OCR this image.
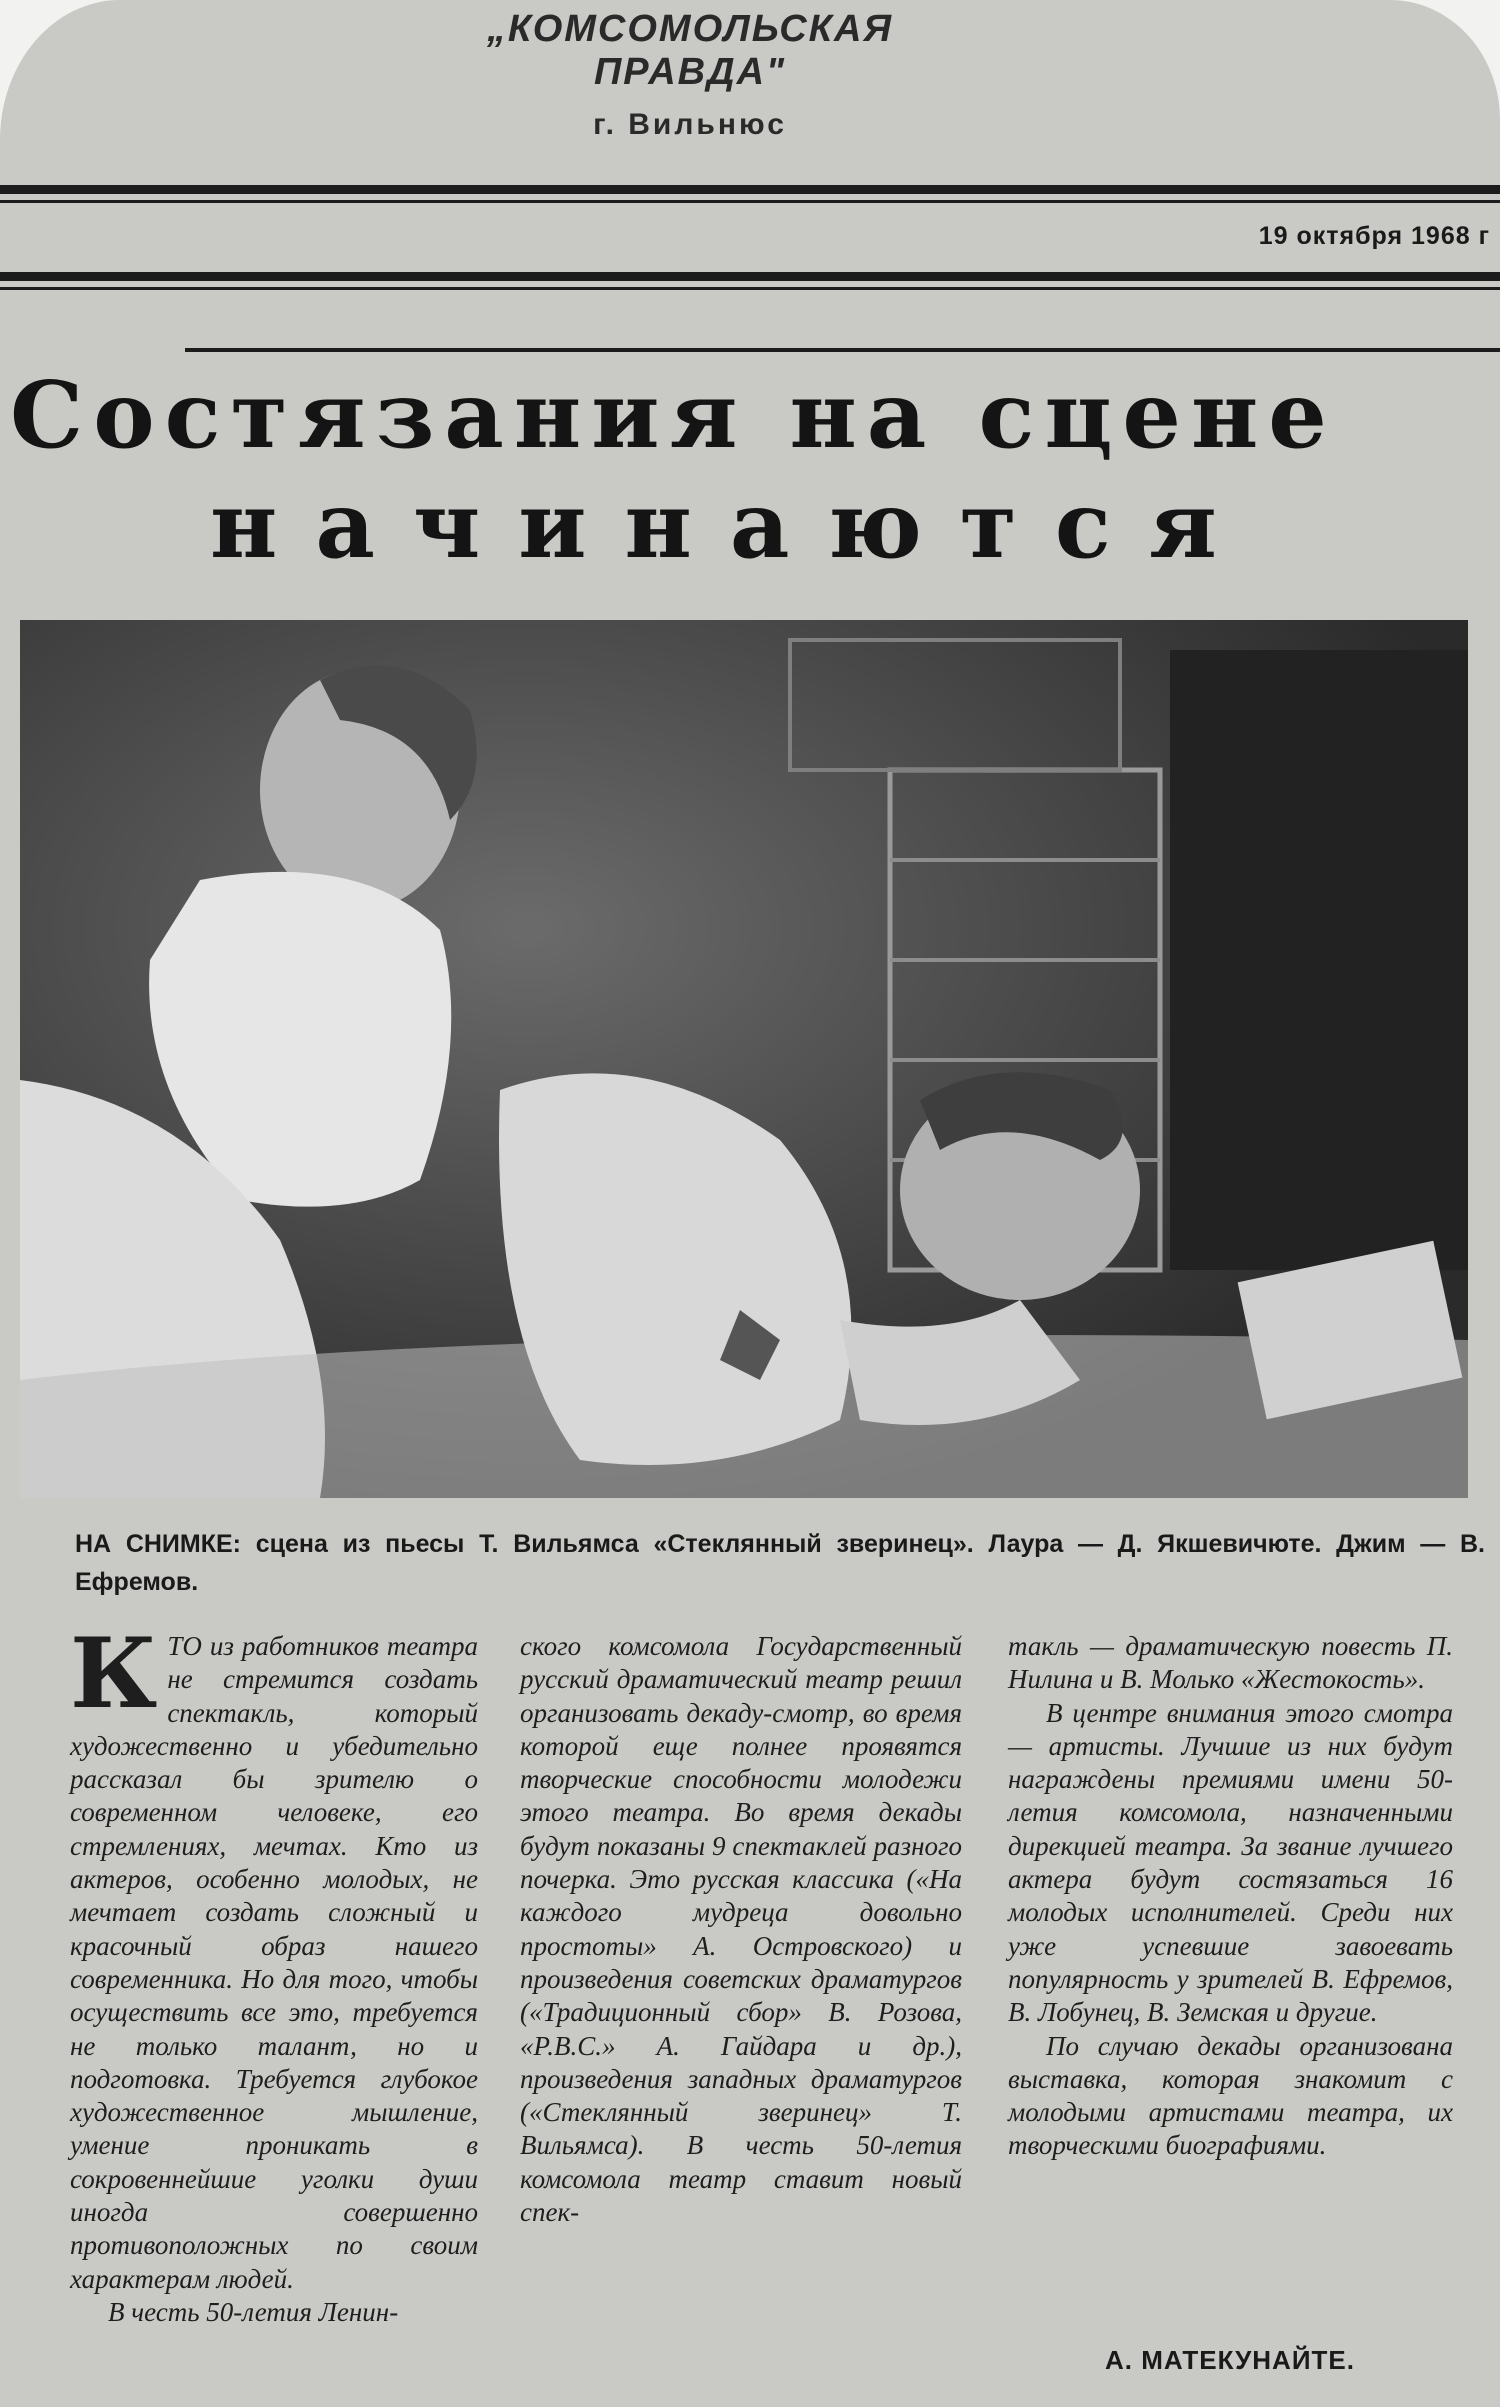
„КОМСОМОЛЬСКАЯ ПРАВДА"
г. Вильнюс
19 октября 1968 г
Состязания на сцене
начинаются
НА СНИМКЕ: сцена из пьесы Т. Вильямса «Стеклянный зверинец». Лаура — Д. Якшевичюте. Джим — В. Ефремов.

КТО из работников театра не стремится создать спектакль, который художественно и убедительно рассказал бы зрителю о современном человеке, его стремлениях, мечтах. Кто из актеров, особенно молодых, не мечтает создать сложный и красочный образ нашего современника. Но для того, чтобы осуществить все это, требуется не только талант, но и подготовка. Требуется глубокое художественное мышление, умение проникать в сокровеннейшие уголки души иногда совершенно противоположных по своим характерам людей.

В честь 50-летия Ленин-

ского комсомола Государственный русский драматический театр решил организовать декаду-смотр, во время которой еще полнее проявятся творческие способности молодежи этого театра. Во время декады будут показаны 9 спектаклей разного почерка. Это русская классика («На каждого мудреца довольно простоты» А. Островского) и произведения советских драматургов («Традиционный сбор» В. Розова, «Р.В.С.» А. Гайдара и др.), произведения западных драматургов («Стеклянный зверинец» Т. Вильямса). В честь 50-летия комсомола театр ставит новый спек-

такль — драматическую повесть П. Нилина и В. Молько «Жестокость».

В центре внимания этого смотра — артисты. Лучшие из них будут награждены премиями имени 50-летия комсомола, назначенными дирекцией театра. За звание лучшего актера будут состязаться 16 молодых исполнителей. Среди них уже успевшие завоевать популярность у зрителей В. Ефремов, В. Лобунец, В. Земская и другие.

По случаю декады организована выставка, которая знакомит с молодыми артистами театра, их творческими биографиями.

А. МАТЕКУНАЙТЕ.
